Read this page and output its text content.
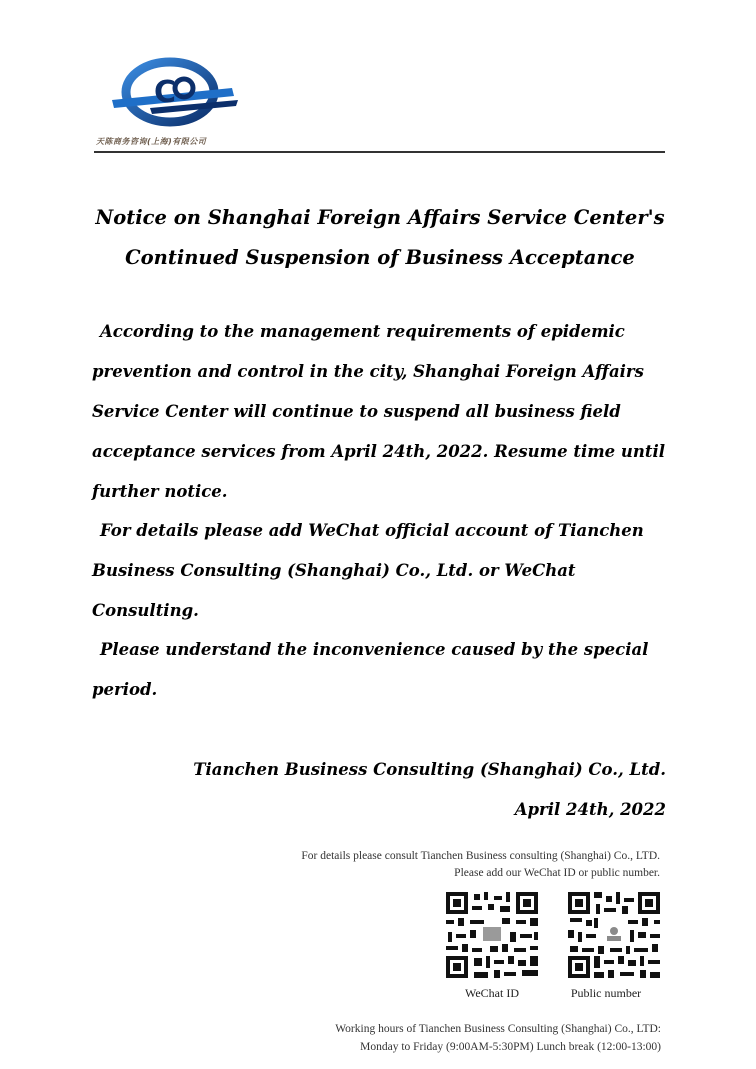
C
天陈商务咨询(上海)有限公司
Notice on Shanghai Foreign Affairs Service Center's
Continued Suspension of Business Acceptance
According to the management requirements of epidemic prevention and control in the city, Shanghai Foreign Affairs Service Center will continue to suspend all business field acceptance services from April 24th, 2022. Resume time until further notice.
For details please add WeChat official account of Tianchen Business Consulting (Shanghai) Co., Ltd. or WeChat Consulting.
Please understand the inconvenience caused by the special period.
Tianchen Business Consulting (Shanghai) Co., Ltd.
April 24th, 2022
For details please consult Tianchen Business consulting (Shanghai) Co., LTD.
Please add our WeChat ID or public number.
WeChat ID	Public number
Working hours of Tianchen Business Consulting (Shanghai) Co., LTD:
Monday to Friday (9:00AM-5:30PM) Lunch break (12:00-13:00)
